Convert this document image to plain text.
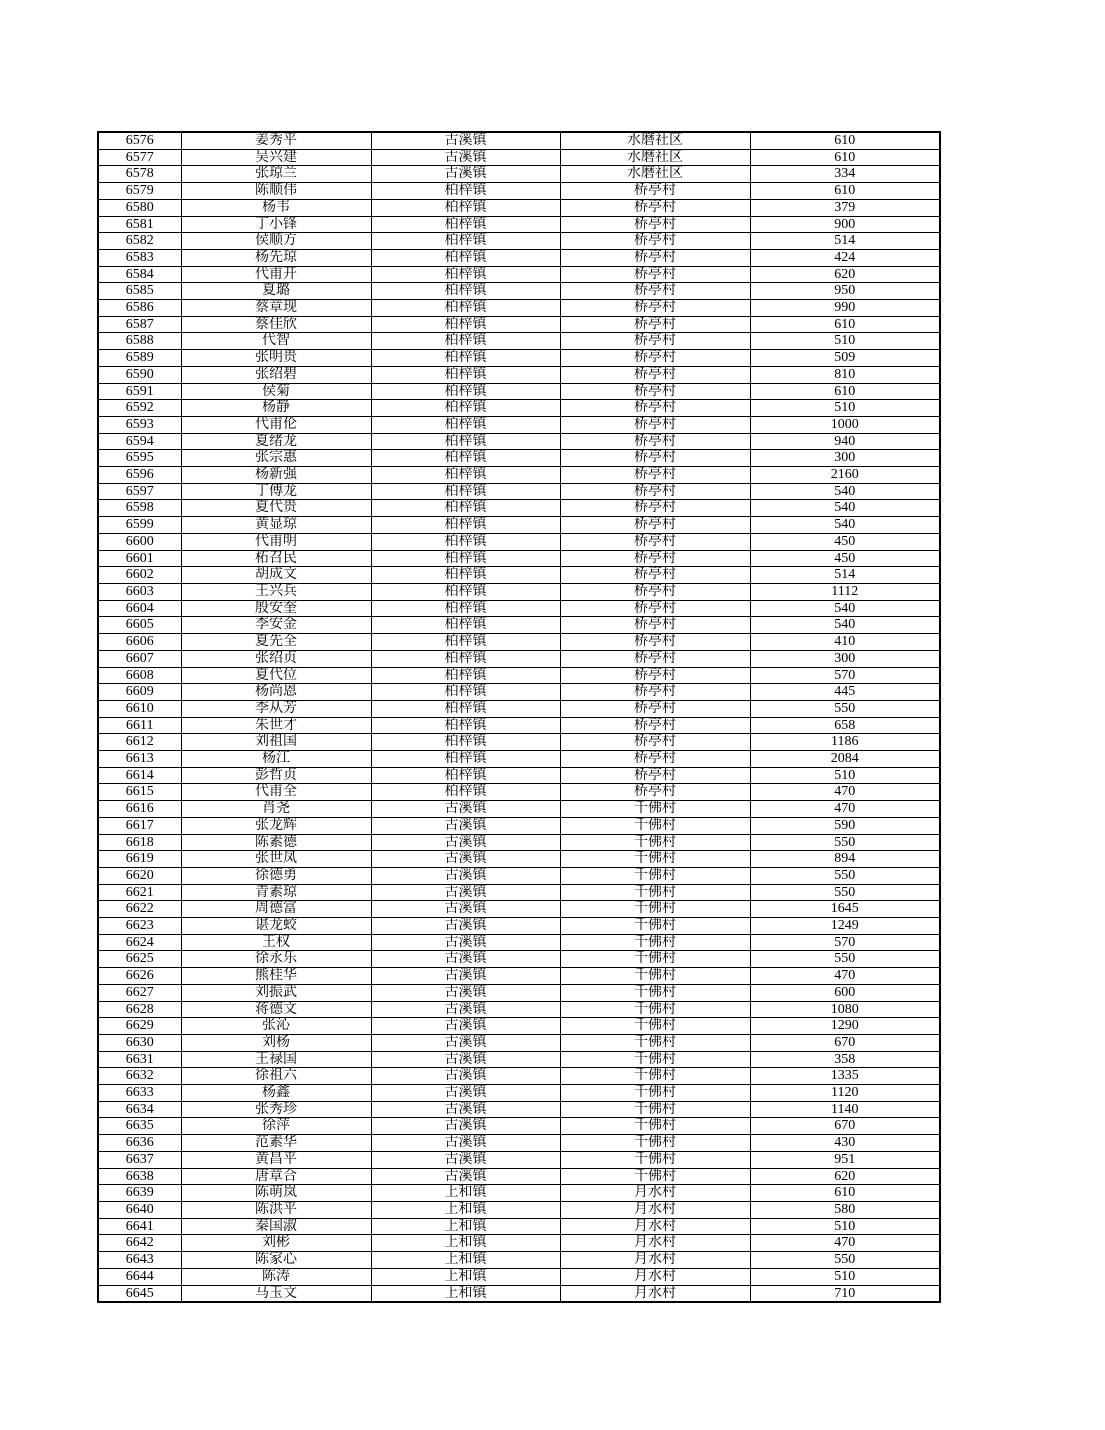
6576	姜秀平	古溪镇	水磨社区	610
6577	吴兴建	古溪镇	水磨社区	610
6578	张琼兰	古溪镇	水磨社区	334
6579	陈顺伟	柏梓镇	桥亭村	610
6580	杨韦	柏梓镇	桥亭村	379
6581	丁小锋	柏梓镇	桥亭村	900
6582	侯顺方	柏梓镇	桥亭村	514
6583	杨先琼	柏梓镇	桥亭村	424
6584	代甫开	柏梓镇	桥亭村	620
6585	夏璐	柏梓镇	桥亭村	950
6586	蔡章现	柏梓镇	桥亭村	990
6587	蔡佳欣	柏梓镇	桥亭村	610
6588	代智	柏梓镇	桥亭村	510
6589	张明贵	柏梓镇	桥亭村	509
6590	张绍碧	柏梓镇	桥亭村	810
6591	侯菊	柏梓镇	桥亭村	610
6592	杨静	柏梓镇	桥亭村	510
6593	代甫伦	柏梓镇	桥亭村	1000
6594	夏绪龙	柏梓镇	桥亭村	940
6595	张宗惠	柏梓镇	桥亭村	300
6596	杨新强	柏梓镇	桥亭村	2160
6597	丁傅龙	柏梓镇	桥亭村	540
6598	夏代贵	柏梓镇	桥亭村	540
6599	黄显琼	柏梓镇	桥亭村	540
6600	代甫明	柏梓镇	桥亭村	450
6601	柘召民	柏梓镇	桥亭村	450
6602	胡成文	柏梓镇	桥亭村	514
6603	王兴兵	柏梓镇	桥亭村	1112
6604	殷安奎	柏梓镇	桥亭村	540
6605	李安金	柏梓镇	桥亭村	540
6606	夏先全	柏梓镇	桥亭村	410
6607	张绍贞	柏梓镇	桥亭村	300
6608	夏代位	柏梓镇	桥亭村	570
6609	杨尚恩	柏梓镇	桥亭村	445
6610	李从芳	柏梓镇	桥亭村	550
6611	朱世才	柏梓镇	桥亭村	658
6612	刘祖国	柏梓镇	桥亭村	1186
6613	杨江	柏梓镇	桥亭村	2084
6614	彭哲贞	柏梓镇	桥亭村	510
6615	代甫全	柏梓镇	桥亭村	470
6616	肖尧	古溪镇	千佛村	470
6617	张龙辉	古溪镇	千佛村	590
6618	陈素德	古溪镇	千佛村	550
6619	张世凤	古溪镇	千佛村	894
6620	徐德勇	古溪镇	千佛村	550
6621	青素琼	古溪镇	千佛村	550
6622	周德富	古溪镇	千佛村	1645
6623	谌龙蛟	古溪镇	千佛村	1249
6624	王权	古溪镇	千佛村	570
6625	徐永乐	古溪镇	千佛村	550
6626	熊桂华	古溪镇	千佛村	470
6627	刘振武	古溪镇	千佛村	600
6628	蒋德文	古溪镇	千佛村	1080
6629	张沁	古溪镇	千佛村	1290
6630	刘杨	古溪镇	千佛村	670
6631	王禄国	古溪镇	千佛村	358
6632	徐祖六	古溪镇	千佛村	1335
6633	杨鑫	古溪镇	千佛村	1120
6634	张秀珍	古溪镇	千佛村	1140
6635	徐萍	古溪镇	千佛村	670
6636	范素华	古溪镇	千佛村	430
6637	黄昌平	古溪镇	千佛村	951
6638	唐章合	古溪镇	千佛村	620
6639	陈萌岚	上和镇	月水村	610
6640	陈洪平	上和镇	月水村	580
6641	秦国淑	上和镇	月水村	510
6642	刘彬	上和镇	月水村	470
6643	陈家心	上和镇	月水村	550
6644	陈涛	上和镇	月水村	510
6645	马玉文	上和镇	月水村	710
